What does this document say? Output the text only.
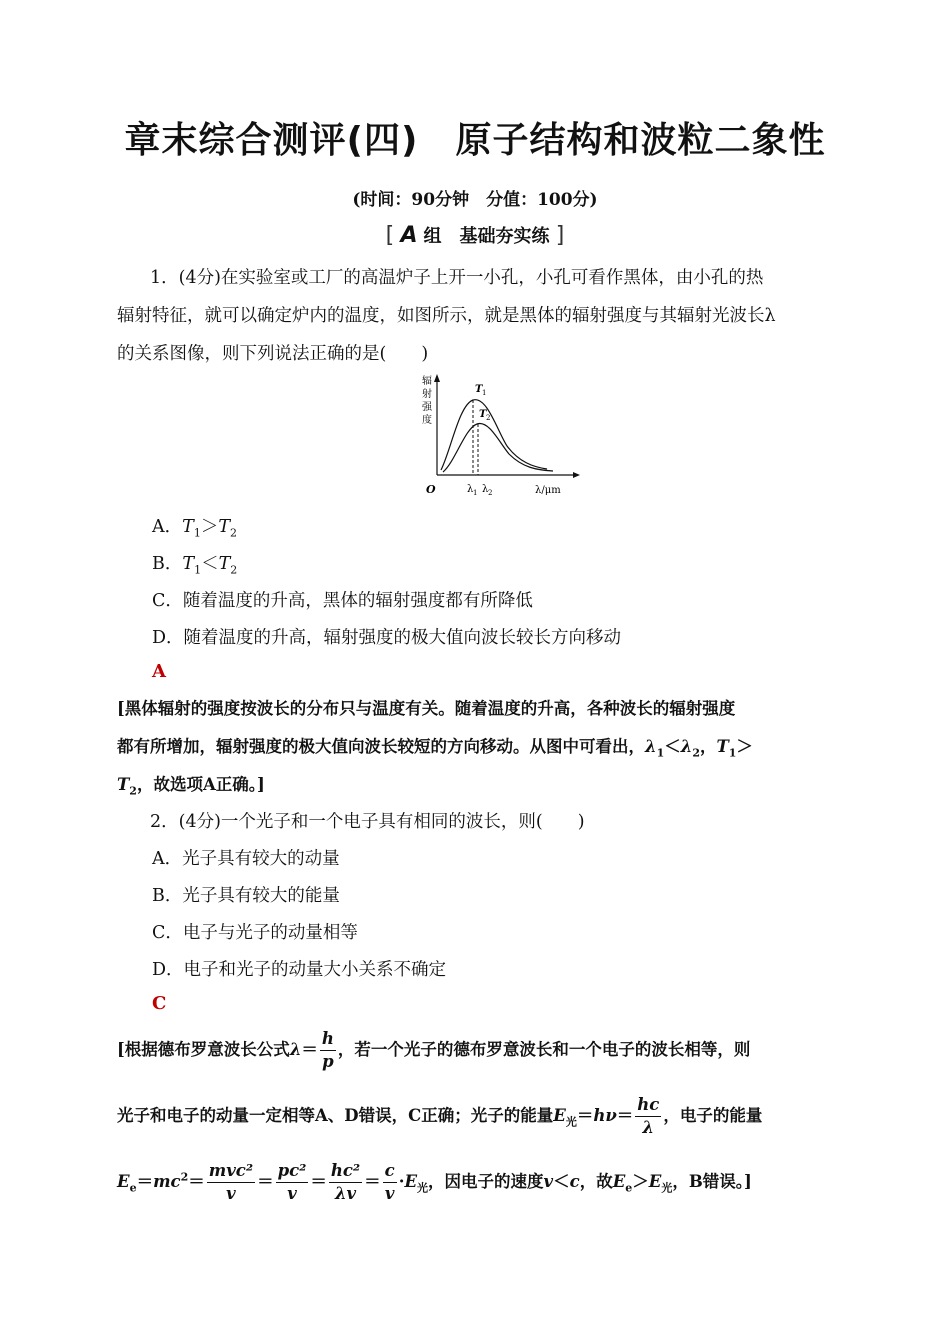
章末综合测评(四)　原子结构和波粒二象性
(时间：90分钟　分值：100分)
[ A 组　基础夯实练 ]
1．(4分)在实验室或工厂的高温炉子上开一小孔，小孔可看作黑体，由小孔的热
辐射特征，就可以确定炉内的温度，如图所示，就是黑体的辐射强度与其辐射光波长λ
的关系图像，则下列说法正确的是(　　)
辐
射
强
度
O
T 1
T 2
λ 1 λ 2	λ/μm
A．$T_1>T_2$
B．$T_1<T_2$
C．随着温度的升高，黑体的辐射强度都有所降低
D．随着温度的升高，辐射强度的极大值向波长较长方向移动
A
[黑体辐射的强度按波长的分布只与温度有关。随着温度的升高，各种波长的辐射强度
都有所增加，辐射强度的极大值向波长较短的方向移动。从图中可看出，$\lambda_1<\lambda_2$，$T_1>$
$T_2$，故选项A正确。]
2．(4分)一个光子和一个电子具有相同的波长，则(　　)
A．光子具有较大的动量
B．光子具有较大的能量
C．电子与光子的动量相等
D．电子和光子的动量大小关系不确定
C
[根据德布罗意波长公式$\lambda= \frac{h}{p}$ ，若一个光子的德布罗意波长和一个电子的波长相等，则
光子和电子的动量一定相等A、D错误，C正确；光子的能量$E_光=h\nu= \frac{hc}{\lambda}$ ，电子的能量
$E_e=mc^2= \frac{\text{mvc²}}{v} = \frac{\text{pc²}}{v} = \frac{\text{hc²}}{\lambda v} = \frac{c}{v} \cdot E_光$，因电子的速度v＜c，故$E_e>E_光$，B错误。]
